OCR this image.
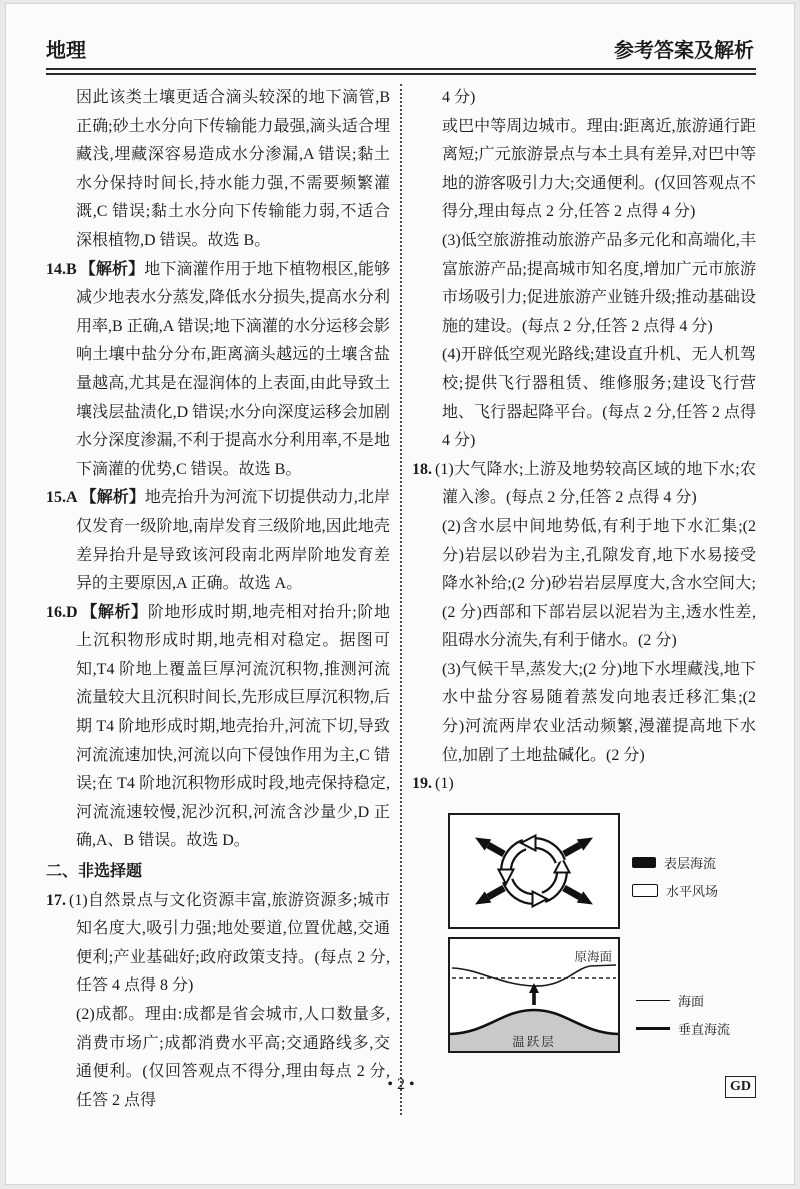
地理	参考答案及解析

因此该类土壤更适合滴头较深的地下滴管,B 正确;砂土水分向下传输能力最强,滴头适合埋藏浅,埋藏深容易造成水分渗漏,A 错误;黏土水分保持时间长,持水能力强,不需要频繁灌溉,C 错误;黏土水分向下传输能力弱,不适合深根植物,D 错误。故选 B。

14.B 【解析】地下滴灌作用于地下植物根区,能够减少地表水分蒸发,降低水分损失,提高水分利用率,B 正确,A 错误;地下滴灌的水分运移会影响土壤中盐分分布,距离滴头越远的土壤含盐量越高,尤其是在湿润体的上表面,由此导致土壤浅层盐渍化,D 错误;水分向深度运移会加剧水分深度渗漏,不利于提高水分利用率,不是地下滴灌的优势,C 错误。故选 B。

15.A 【解析】地壳抬升为河流下切提供动力,北岸仅发育一级阶地,南岸发育三级阶地,因此地壳差异抬升是导致该河段南北两岸阶地发育差异的主要原因,A 正确。故选 A。

16.D 【解析】阶地形成时期,地壳相对抬升;阶地上沉积物形成时期,地壳相对稳定。据图可知,T4 阶地上覆盖巨厚河流沉积物,推测河流流量较大且沉积时间长,先形成巨厚沉积物,后期 T4 阶地形成时期,地壳抬升,河流下切,导致河流流速加快,河流以向下侵蚀作用为主,C 错误;在 T4 阶地沉积物形成时段,地壳保持稳定,河流流速较慢,泥沙沉积,河流含沙量少,D 正确,A、B 错误。故选 D。

二、非选择题

17. (1)自然景点与文化资源丰富,旅游资源多;城市知名度大,吸引力强;地处要道,位置优越,交通便利;产业基础好;政府政策支持。(每点 2 分,任答 4 点得 8 分)

(2)成都。理由:成都是省会城市,人口数量多,消费市场广;成都消费水平高;交通路线多,交通便利。(仅回答观点不得分,理由每点 2 分,任答 2 点得

4 分)

或巴中等周边城市。理由:距离近,旅游通行距离短;广元旅游景点与本土具有差异,对巴中等地的游客吸引力大;交通便利。(仅回答观点不得分,理由每点 2 分,任答 2 点得 4 分)

(3)低空旅游推动旅游产品多元化和高端化,丰富旅游产品;提高城市知名度,增加广元市旅游市场吸引力;促进旅游产业链升级;推动基础设施的建设。(每点 2 分,任答 2 点得 4 分)

(4)开辟低空观光路线;建设直升机、无人机驾校;提供飞行器租赁、维修服务;建设飞行营地、飞行器起降平台。(每点 2 分,任答 2 点得 4 分)

18. (1)大气降水;上游及地势较高区域的地下水;农灌入渗。(每点 2 分,任答 2 点得 4 分)

(2)含水层中间地势低,有利于地下水汇集;(2 分)岩层以砂岩为主,孔隙发育,地下水易接受降水补给;(2 分)砂岩岩层厚度大,含水空间大;(2 分)西部和下部岩层以泥岩为主,透水性差,阻碍水分流失,有利于储水。(2 分)

(3)气候干旱,蒸发大;(2 分)地下水埋藏浅,地下水中盐分容易随着蒸发向地表迁移汇集;(2 分)河流两岸农业活动频繁,漫灌提高地下水位,加剧了土地盐碱化。(2 分)

19. (1)

表层海流
水平风场
原海面
温跃层
海面
垂直海流
• 2 •	GD
